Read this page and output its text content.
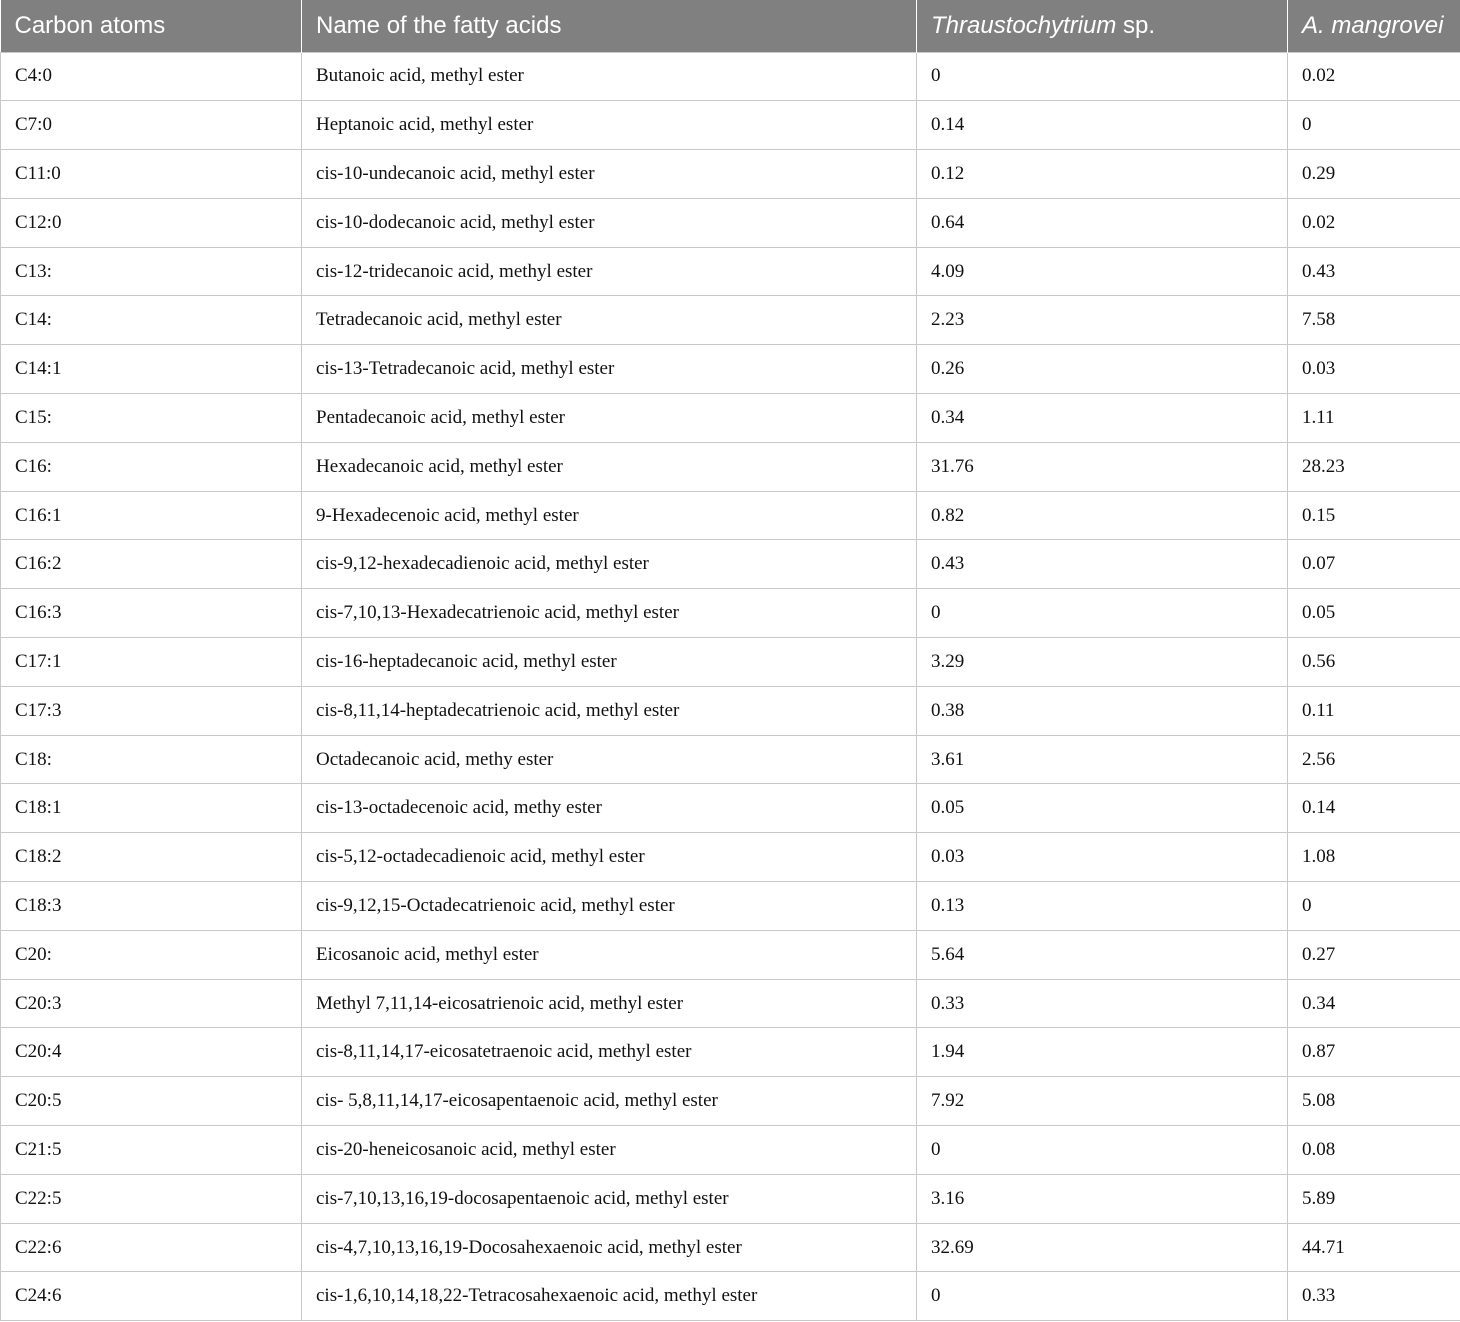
Carbon atoms	Name of the fatty acids	Thraustochytrium sp.	A. mangrovei
C4:0	Butanoic acid, methyl ester	0	0.02
C7:0	Heptanoic acid, methyl ester	0.14	0
C11:0	cis-10-undecanoic acid, methyl ester	0.12	0.29
C12:0	cis-10-dodecanoic acid, methyl ester	0.64	0.02
C13:	cis-12-tridecanoic acid, methyl ester	4.09	0.43
C14:	Tetradecanoic acid, methyl ester	2.23	7.58
C14:1	cis-13-Tetradecanoic acid, methyl ester	0.26	0.03
C15:	Pentadecanoic acid, methyl ester	0.34	1.11
C16:	Hexadecanoic acid, methyl ester	31.76	28.23
C16:1	9-Hexadecenoic acid, methyl ester	0.82	0.15
C16:2	cis-9,12-hexadecadienoic acid, methyl ester	0.43	0.07
C16:3	cis-7,10,13-Hexadecatrienoic acid, methyl ester	0	0.05
C17:1	cis-16-heptadecanoic acid, methyl ester	3.29	0.56
C17:3	cis-8,11,14-heptadecatrienoic acid, methyl ester	0.38	0.11
C18:	Octadecanoic acid, methy ester	3.61	2.56
C18:1	cis-13-octadecenoic acid, methy ester	0.05	0.14
C18:2	cis-5,12-octadecadienoic acid, methyl ester	0.03	1.08
C18:3	cis-9,12,15-Octadecatrienoic acid, methyl ester	0.13	0
C20:	Eicosanoic acid, methyl ester	5.64	0.27
C20:3	Methyl 7,11,14-eicosatrienoic acid, methyl ester	0.33	0.34
C20:4	cis-8,11,14,17-eicosatetraenoic acid, methyl ester	1.94	0.87
C20:5	cis- 5,8,11,14,17-eicosapentaenoic acid, methyl ester	7.92	5.08
C21:5	cis-20-heneicosanoic acid, methyl ester	0	0.08
C22:5	cis-7,10,13,16,19-docosapentaenoic acid, methyl ester	3.16	5.89
C22:6	cis-4,7,10,13,16,19-Docosahexaenoic acid, methyl ester	32.69	44.71
C24:6	cis-1,6,10,14,18,22-Tetracosahexaenoic acid, methyl ester	0	0.33
